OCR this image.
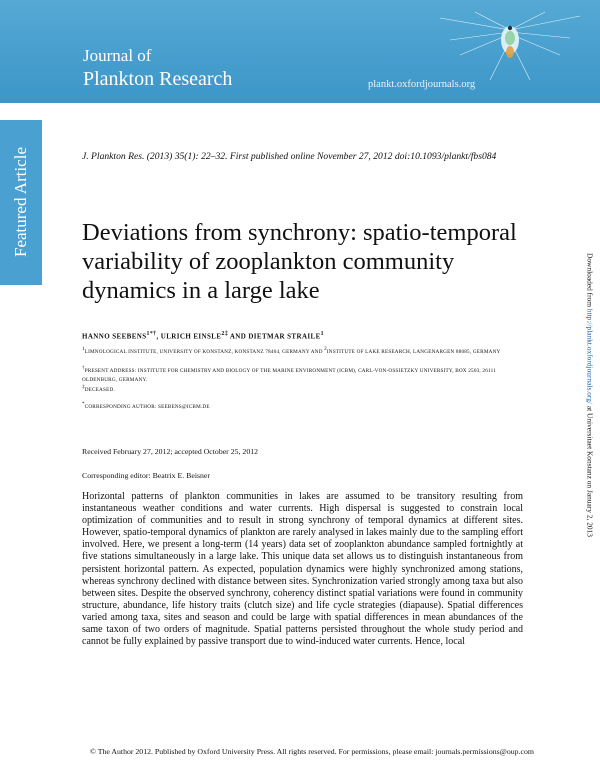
Journal of
Plankton Research	plankt.oxfordjournals.org
Featured Article	J. Plankton Res. (2013) 35(1): 22–32. First published online November 27, 2012 doi:10.1093/plankt/fbs084
Deviations from synchrony: spatio-temporal variability of zooplankton community dynamics in a large lake
HANNO $SEEBENS^{1*\dagger}$, ULRICH $EINSLE^{2\ddagger}$ AND DIETMAR STRAILE$^1$
$^1$LIMNOLOGICAL INSTITUTE, UNIVERSITY OF KONSTANZ, KONSTANZ 78464, GERMANY AND $^2$INSTITUTE OF LAKE RESEARCH, LANGENARGEN 88085, GERMANY
†PRESENT ADDRESS: INSTITUTE FOR CHEMISTRY AND BIOLOGY OF THE MARINE ENVIRONMENT (ICBM), CARL-VON-OSSIETZKY UNIVERSITY, BOX 2503, 26111 OLDENBURG, GERMANY.
‡DECEASED.
*CORRESPONDING AUTHOR: SEEBENS@ICBM.DE
Received February 27, 2012; accepted October 25, 2012
Corresponding editor: Beatrix E. Beisner

Horizontal patterns of plankton communities in lakes are assumed to be transitory resulting from instantaneous weather conditions and water currents. High dispersal is suggested to constrain local optimization of communities and to result in strong synchrony of temporal dynamics at different sites. However, spatio-temporal dynamics of plankton are rarely analysed in lakes mainly due to the sampling effort involved. Here, we present a long-term (14 years) data set of zooplankton abundance sampled fortnightly at five stations simultaneously in a large lake. This unique data set allows us to distinguish instantaneous from persistent horizontal pattern. As expected, population dynamics were highly synchronized among stations, whereas synchrony declined with distance between sites. Synchronization varied strongly among taxa but also between sites. Despite the observed synchrony, coherency distinct spatial variations were found in community structure, abundance, life history traits (clutch size) and life cycle strategies (diapause). Spatial differences varied among taxa, sites and season and could be large with spatial differences in mean abundances of the same taxon of two orders of magnitude. Spatial patterns persisted throughout the whole study period and cannot be fully explained by passive transport due to wind-induced water currents. Hence, local

Downloaded from http://plankt.oxfordjournals.org/ at Universitaet Konstanz on January 2, 2013
© The Author 2012. Published by Oxford University Press. All rights reserved. For permissions, please email: journals.permissions@oup.com
